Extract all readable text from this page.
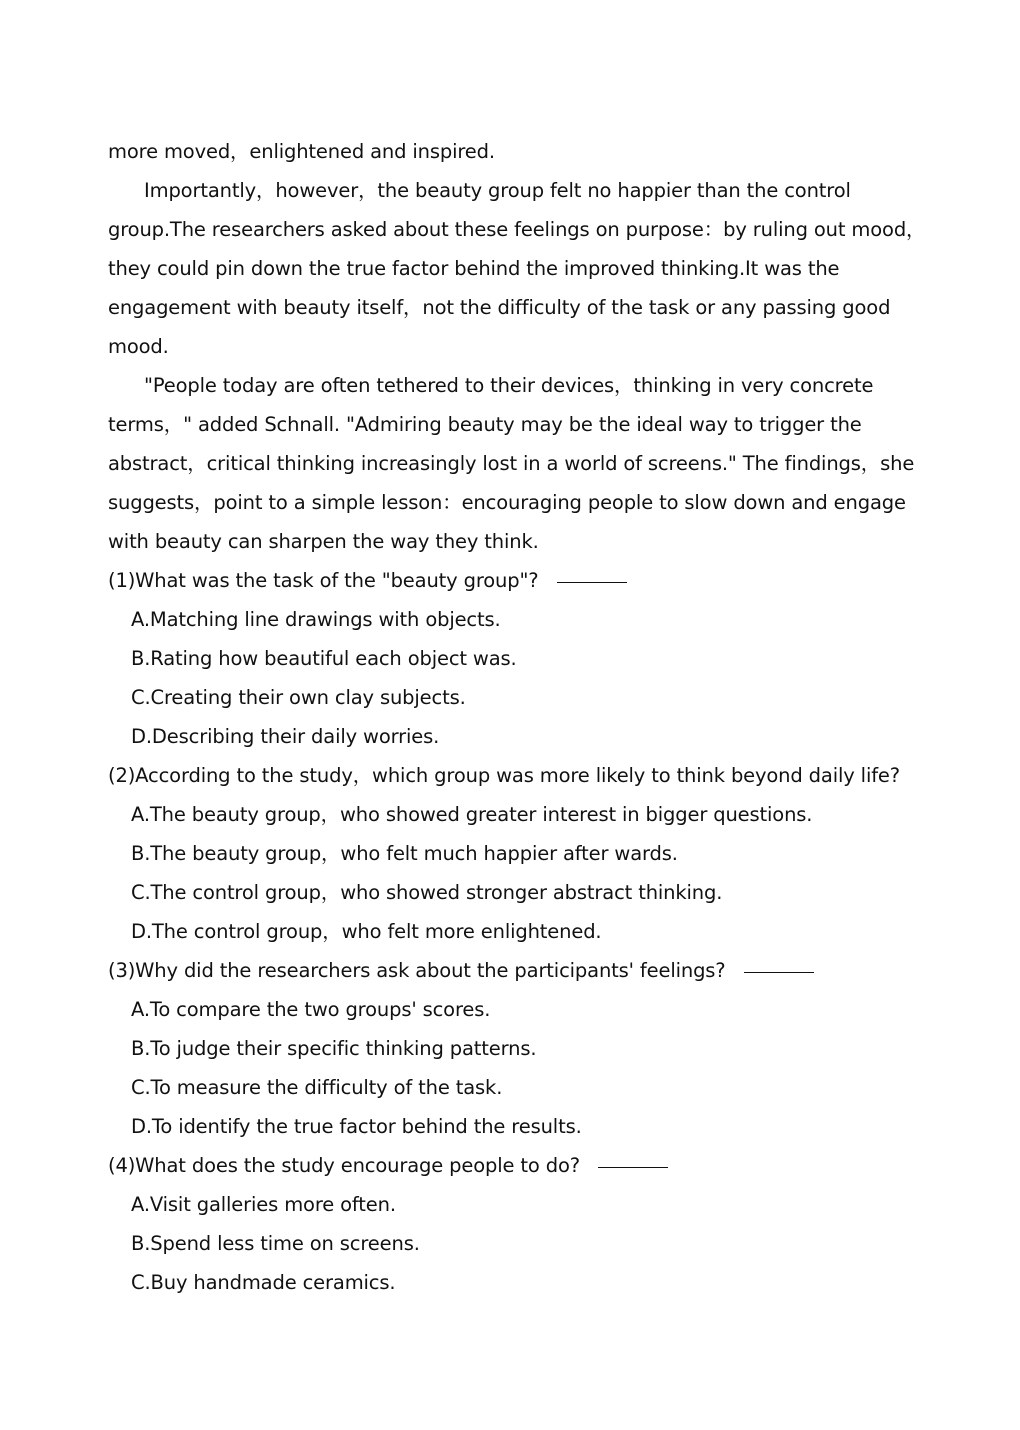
more moved，enlightened and inspired.
Importantly，however，the beauty group felt no happier than the control
group.The researchers asked about these feelings on purpose：by ruling out mood，
they could pin down the true factor behind the improved thinking.It was the
engagement with beauty itself，not the difficulty of the task or any passing good
mood.
"People today are often tethered to their devices，thinking in very concrete
terms，" added Schnall. "Admiring beauty may be the ideal way to trigger the
abstract，critical thinking increasingly lost in a world of screens." The findings，she
suggests，point to a simple lesson：encouraging people to slow down and engage
with beauty can sharpen the way they think.
(1)What was the task of the "beauty group"?
A.Matching line drawings with objects.
B.Rating how beautiful each object was.
C.Creating their own clay subjects.
D.Describing their daily worries.
(2)According to the study，which group was more likely to think beyond daily life?
A.The beauty group，who showed greater interest in bigger questions.
B.The beauty group，who felt much happier after wards.
C.The control group，who showed stronger abstract thinking.
D.The control group，who felt more enlightened.
(3)Why did the researchers ask about the participants' feelings?
A.To compare the two groups' scores.
B.To judge their specific thinking patterns.
C.To measure the difficulty of the task.
D.To identify the true factor behind the results.
(4)What does the study encourage people to do?
A.Visit galleries more often.
B.Spend less time on screens.
C.Buy handmade ceramics.
